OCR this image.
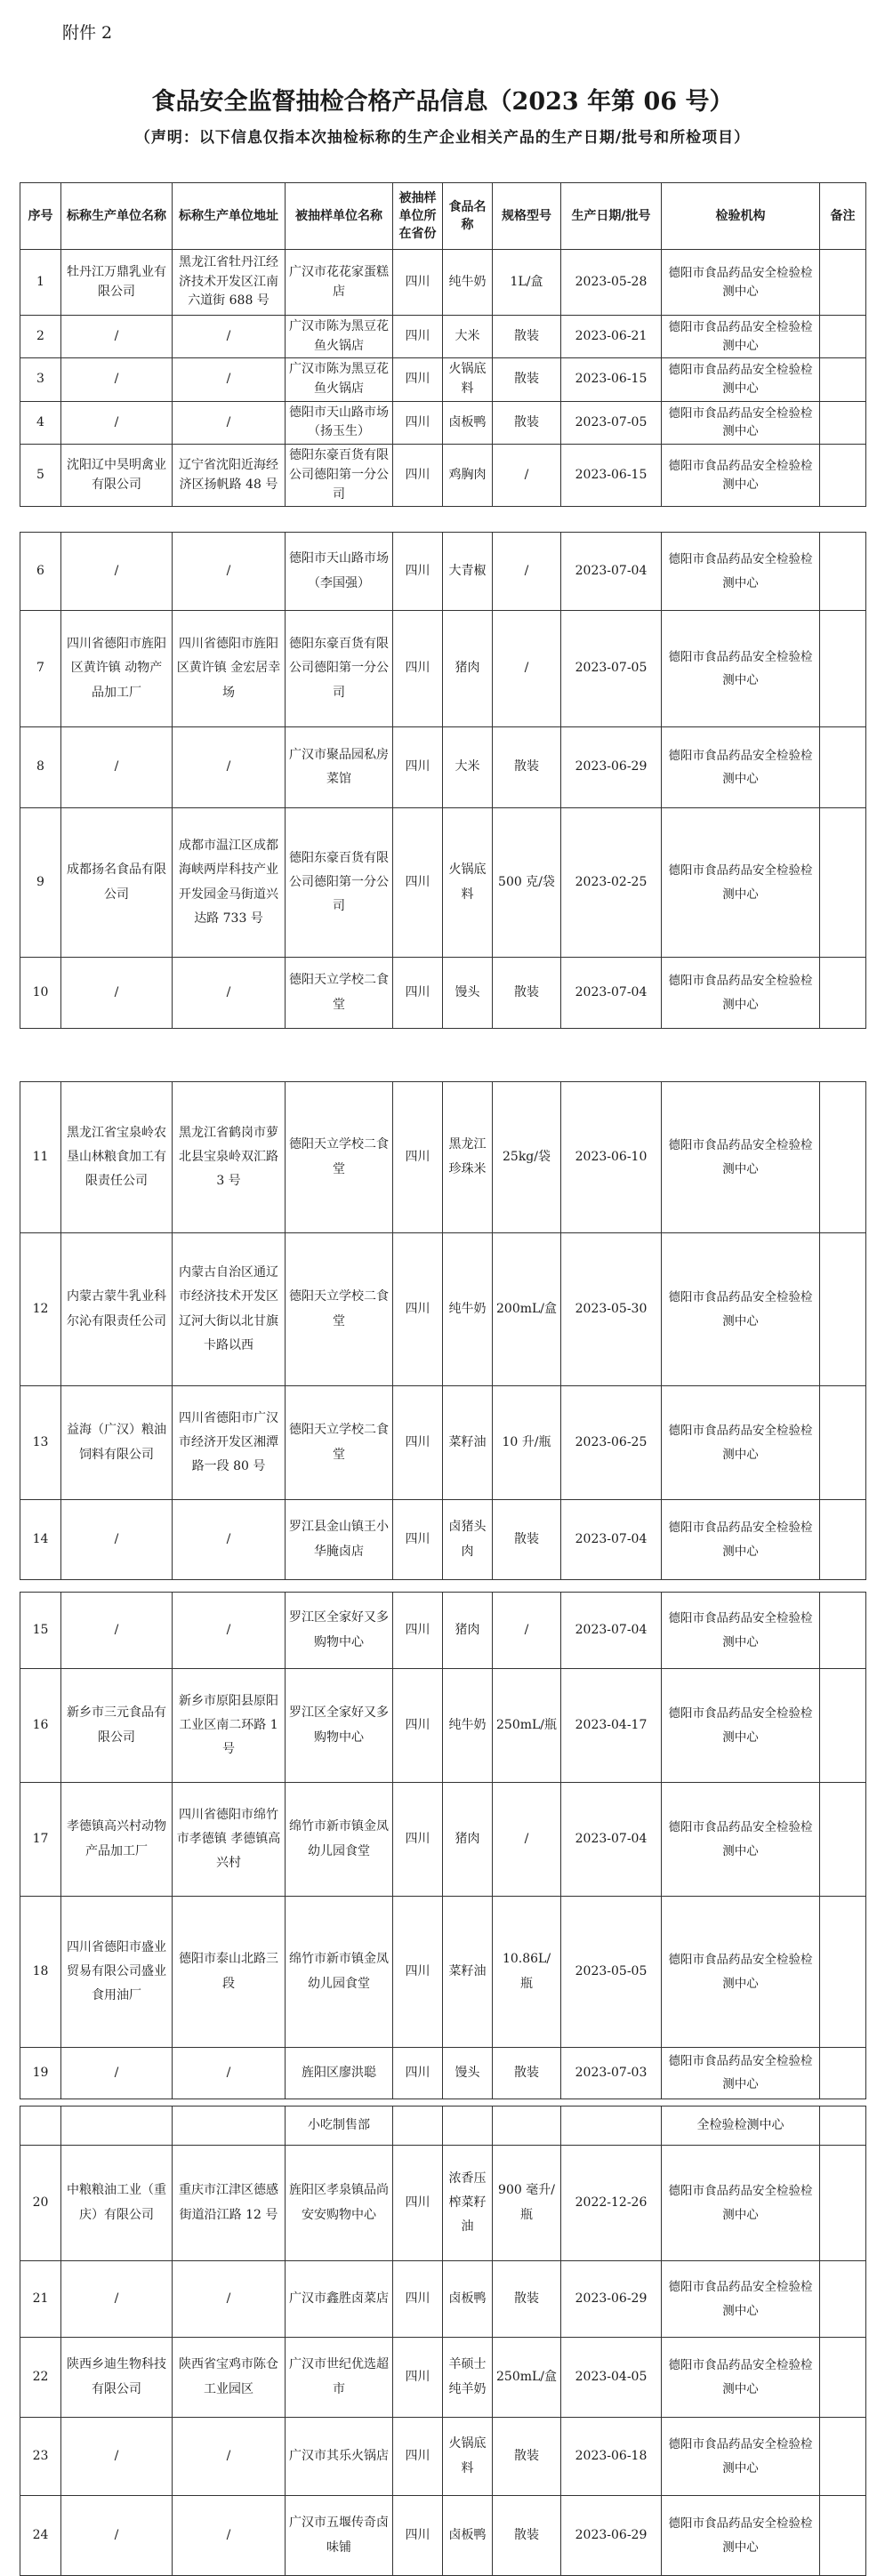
附件 2
食品安全监督抽检合格产品信息（2023 年第 06 号）
（声明：以下信息仅指本次抽检标称的生产企业相关产品的生产日期/批号和所检项目）
序号	标称生产单位名称	标称生产单位地址	被抽样单位名称	被抽样单位所在省份	食品名称	规格型号	生产日期/批号	检验机构	备注
1	牡丹江万鼎乳业有限公司	黑龙江省牡丹江经济技术开发区江南六道街 688 号	广汉市花花家蛋糕店	四川	纯牛奶	1L/盒	2023-05-28	德阳市食品药品安全检验检测中心	
2	/	/	广汉市陈为黑豆花鱼火锅店	四川	大米	散装	2023-06-21	德阳市食品药品安全检验检测中心	
3	/	/	广汉市陈为黑豆花鱼火锅店	四川	火锅底料	散装	2023-06-15	德阳市食品药品安全检验检测中心	
4	/	/	德阳市天山路市场（扬玉生）	四川	卤板鸭	散装	2023-07-05	德阳市食品药品安全检验检测中心	
5	沈阳辽中昊明禽业有限公司	辽宁省沈阳近海经济区扬帆路 48 号	德阳东豪百货有限公司德阳第一分公司	四川	鸡胸肉	/	2023-06-15	德阳市食品药品安全检验检测中心	
6	/	/	德阳市天山路市场（李国强）	四川	大青椒	/	2023-07-04	德阳市食品药品安全检验检测中心	
7	四川省德阳市旌阳区黄许镇 动物产品加工厂	四川省德阳市旌阳区黄许镇 金宏居幸场	德阳东豪百货有限公司德阳第一分公司	四川	猪肉	/	2023-07-05	德阳市食品药品安全检验检测中心	
8	/	/	广汉市聚品园私房菜馆	四川	大米	散装	2023-06-29	德阳市食品药品安全检验检测中心	
9	成都扬名食品有限公司	成都市温江区成都海峡两岸科技产业开发园金马街道兴达路 733 号	德阳东豪百货有限公司德阳第一分公司	四川	火锅底料	500 克/袋	2023-02-25	德阳市食品药品安全检验检测中心	
10	/	/	德阳天立学校二食堂	四川	馒头	散装	2023-07-04	德阳市食品药品安全检验检测中心	
11	黑龙江省宝泉岭农垦山林粮食加工有限责任公司	黑龙江省鹤岗市萝北县宝泉岭双汇路 3 号	德阳天立学校二食堂	四川	黑龙江珍珠米	25kg/袋	2023-06-10	德阳市食品药品安全检验检测中心	
12	内蒙古蒙牛乳业科尔沁有限责任公司	内蒙古自治区通辽市经济技术开发区辽河大街以北甘旗卡路以西	德阳天立学校二食堂	四川	纯牛奶	200mL/盒	2023-05-30	德阳市食品药品安全检验检测中心	
13	益海（广汉）粮油饲料有限公司	四川省德阳市广汉市经济开发区湘潭路一段 80 号	德阳天立学校二食堂	四川	菜籽油	10 升/瓶	2023-06-25	德阳市食品药品安全检验检测中心	
14	/	/	罗江县金山镇王小华腌卤店	四川	卤猪头肉	散装	2023-07-04	德阳市食品药品安全检验检测中心	
15	/	/	罗江区全家好又多购物中心	四川	猪肉	/	2023-07-04	德阳市食品药品安全检验检测中心	
16	新乡市三元食品有限公司	新乡市原阳县原阳工业区南二环路 1 号	罗江区全家好又多购物中心	四川	纯牛奶	250mL/瓶	2023-04-17	德阳市食品药品安全检验检测中心	
17	孝德镇高兴村动物产品加工厂	四川省德阳市绵竹市孝德镇 孝德镇高兴村	绵竹市新市镇金凤幼儿园食堂	四川	猪肉	/	2023-07-04	德阳市食品药品安全检验检测中心	
18	四川省德阳市盛业贸易有限公司盛业食用油厂	德阳市泰山北路三段	绵竹市新市镇金凤幼儿园食堂	四川	菜籽油	10.86L/瓶	2023-05-05	德阳市食品药品安全检验检测中心	
19	/	/	旌阳区廖洪聪	四川	馒头	散装	2023-07-03	德阳市食品药品安全检验检测中心	
			小吃制售部					全检验检测中心	
20	中粮粮油工业（重庆）有限公司	重庆市江津区德感街道沿江路 12 号	旌阳区孝泉镇品尚安安购物中心	四川	浓香压榨菜籽油	900 毫升/瓶	2022-12-26	德阳市食品药品安全检验检测中心	
21	/	/	广汉市鑫胜卤菜店	四川	卤板鸭	散装	2023-06-29	德阳市食品药品安全检验检测中心	
22	陕西乡迪生物科技有限公司	陕西省宝鸡市陈仓工业园区	广汉市世纪优选超市	四川	羊硕士纯羊奶	250mL/盒	2023-04-05	德阳市食品药品安全检验检测中心	
23	/	/	广汉市其乐火锅店	四川	火锅底料	散装	2023-06-18	德阳市食品药品安全检验检测中心	
24	/	/	广汉市五堰传奇卤味铺	四川	卤板鸭	散装	2023-06-29	德阳市食品药品安全检验检测中心	
